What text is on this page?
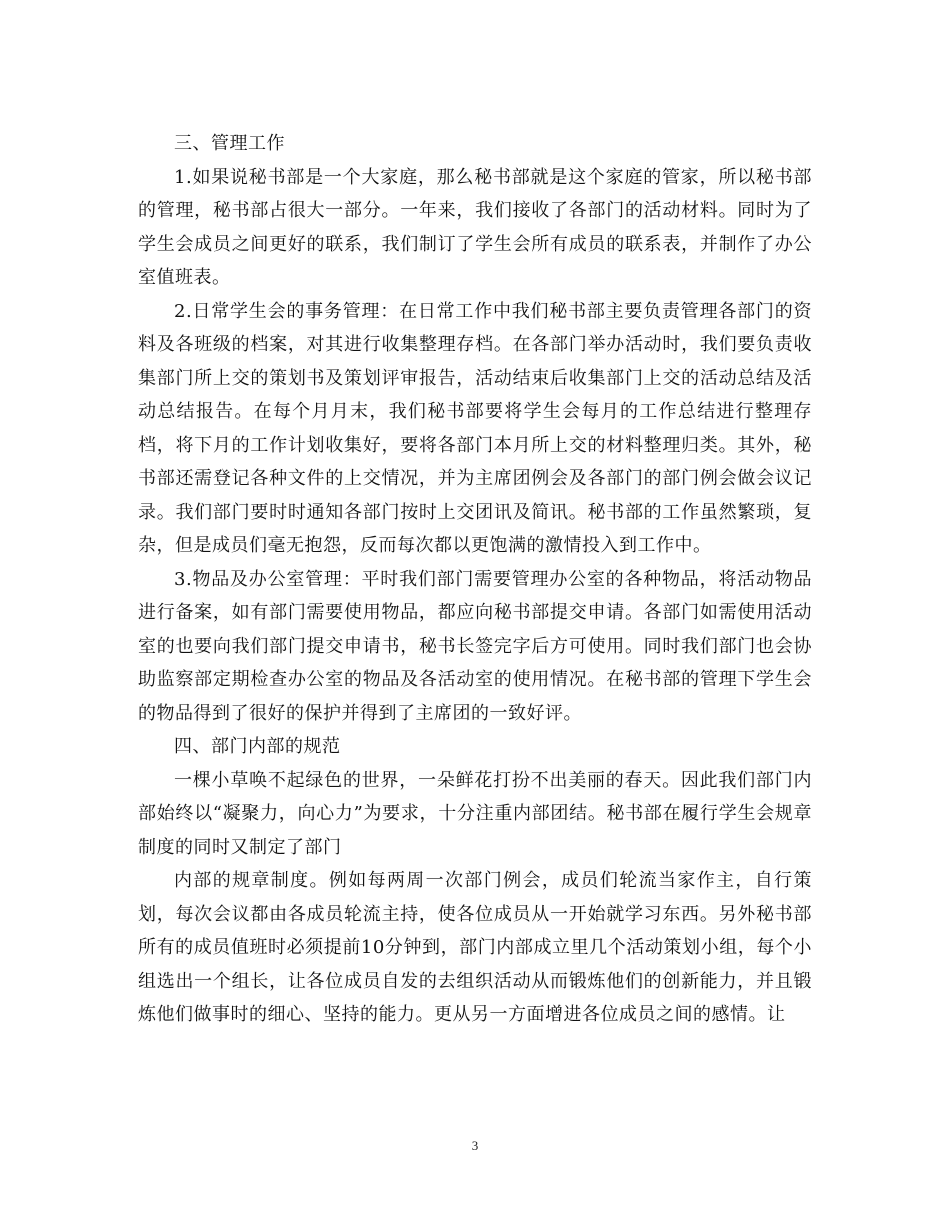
三、管理工作

1.如果说秘书部是一个大家庭，那么秘书部就是这个家庭的管家，所以秘书部的管理，秘书部占很大一部分。一年来，我们接收了各部门的活动材料。同时为了学生会成员之间更好的联系，我们制订了学生会所有成员的联系表，并制作了办公室值班表。

2.日常学生会的事务管理：在日常工作中我们秘书部主要负责管理各部门的资料及各班级的档案，对其进行收集整理存档。在各部门举办活动时，我们要负责收集部门所上交的策划书及策划评审报告，活动结束后收集部门上交的活动总结及活动总结报告。在每个月月末，我们秘书部要将学生会每月的工作总结进行整理存档，将下月的工作计划收集好，要将各部门本月所上交的材料整理归类。其外，秘书部还需登记各种文件的上交情况，并为主席团例会及各部门的部门例会做会议记录。我们部门要时时通知各部门按时上交团讯及简讯。秘书部的工作虽然繁琐，复杂，但是成员们毫无抱怨，反而每次都以更饱满的激情投入到工作中。

3.物品及办公室管理：平时我们部门需要管理办公室的各种物品，将活动物品进行备案，如有部门需要使用物品，都应向秘书部提交申请。各部门如需使用活动室的也要向我们部门提交申请书，秘书长签完字后方可使用。同时我们部门也会协助监察部定期检查办公室的物品及各活动室的使用情况。在秘书部的管理下学生会的物品得到了很好的保护并得到了主席团的一致好评。

四、部门内部的规范

一棵小草唤不起绿色的世界，一朵鲜花打扮不出美丽的春天。因此我们部门内部始终以“凝聚力，向心力”为要求，十分注重内部团结。秘书部在履行学生会规章制度的同时又制定了部门

内部的规章制度。例如每两周一次部门例会，成员们轮流当家作主，自行策划，每次会议都由各成员轮流主持，使各位成员从一开始就学习东西。另外秘书部所有的成员值班时必须提前10分钟到，部门内部成立里几个活动策划小组，每个小组选出一个组长，让各位成员自发的去组织活动从而锻炼他们的创新能力，并且锻炼他们做事时的细心、坚持的能力。更从另一方面增进各位成员之间的感情。让

3
